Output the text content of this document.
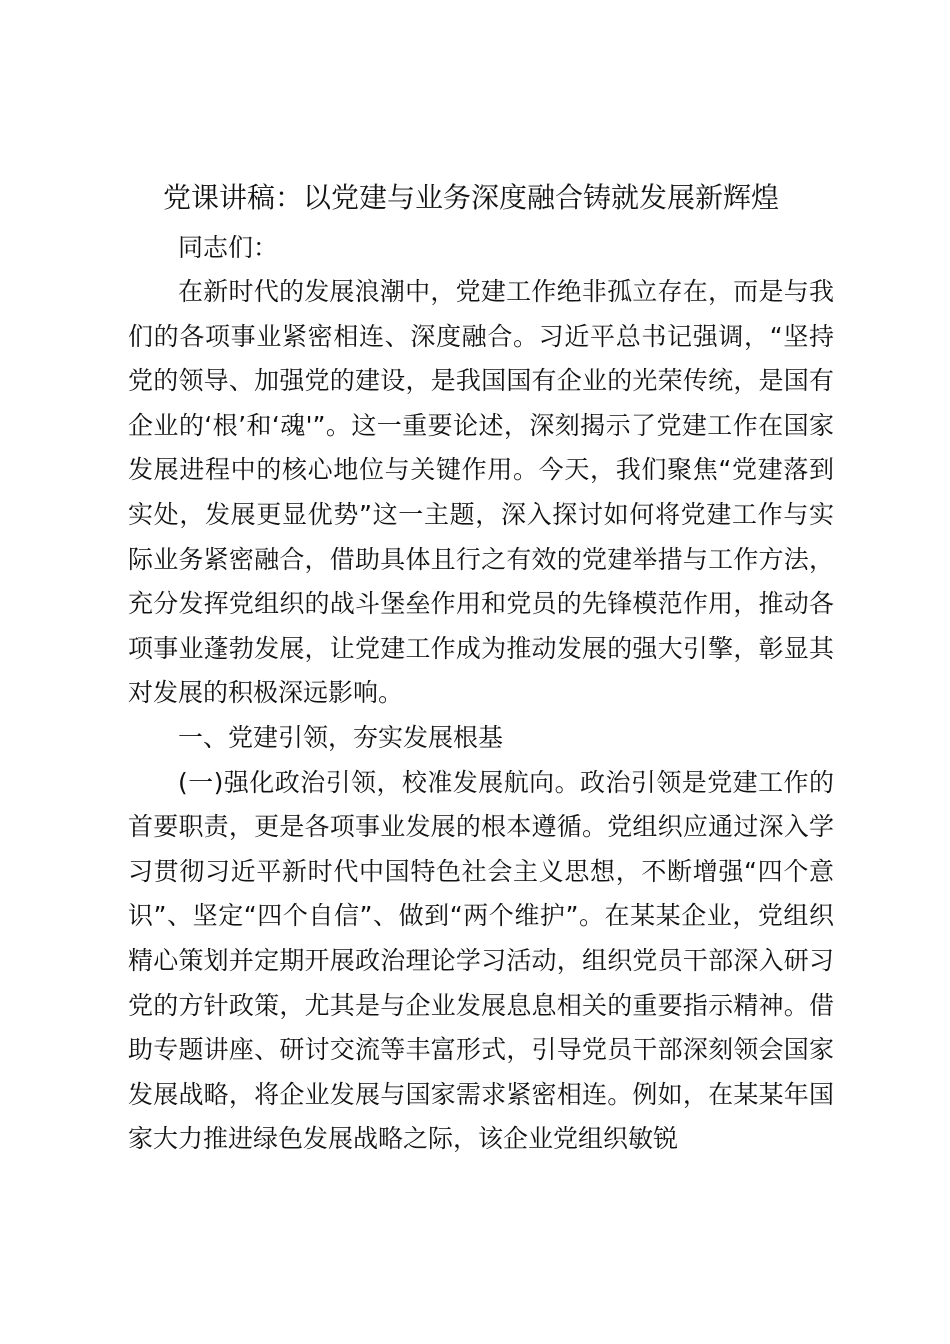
党课讲稿：以党建与业务深度融合铸就发展新辉煌

同志们：

在新时代的发展浪潮中，党建工作绝非孤立存在，而是与我们的各项事业紧密相连、深度融合。习近平总书记强调，“坚持党的领导、加强党的建设，是我国国有企业的光荣传统，是国有企业的‘根’和‘魂'”。这一重要论述，深刻揭示了党建工作在国家发展进程中的核心地位与关键作用。今天，我们聚焦“党建落到实处，发展更显优势”这一主题，深入探讨如何将党建工作与实际业务紧密融合，借助具体且行之有效的党建举措与工作方法，充分发挥党组织的战斗堡垒作用和党员的先锋模范作用，推动各项事业蓬勃发展，让党建工作成为推动发展的强大引擎，彰显其对发展的积极深远影响。

一、党建引领，夯实发展根基

(一)强化政治引领，校准发展航向。政治引领是党建工作的首要职责，更是各项事业发展的根本遵循。党组织应通过深入学习贯彻习近平新时代中国特色社会主义思想，不断增强“四个意识”、坚定“四个自信”、做到“两个维护”。在某某企业，党组织精心策划并定期开展政治理论学习活动，组织党员干部深入研习党的方针政策，尤其是与企业发展息息相关的重要指示精神。借助专题讲座、研讨交流等丰富形式，引导党员干部深刻领会国家发展战略，将企业发展与国家需求紧密相连。例如，在某某年国家大力推进绿色发展战略之际，该企业党组织敏锐
